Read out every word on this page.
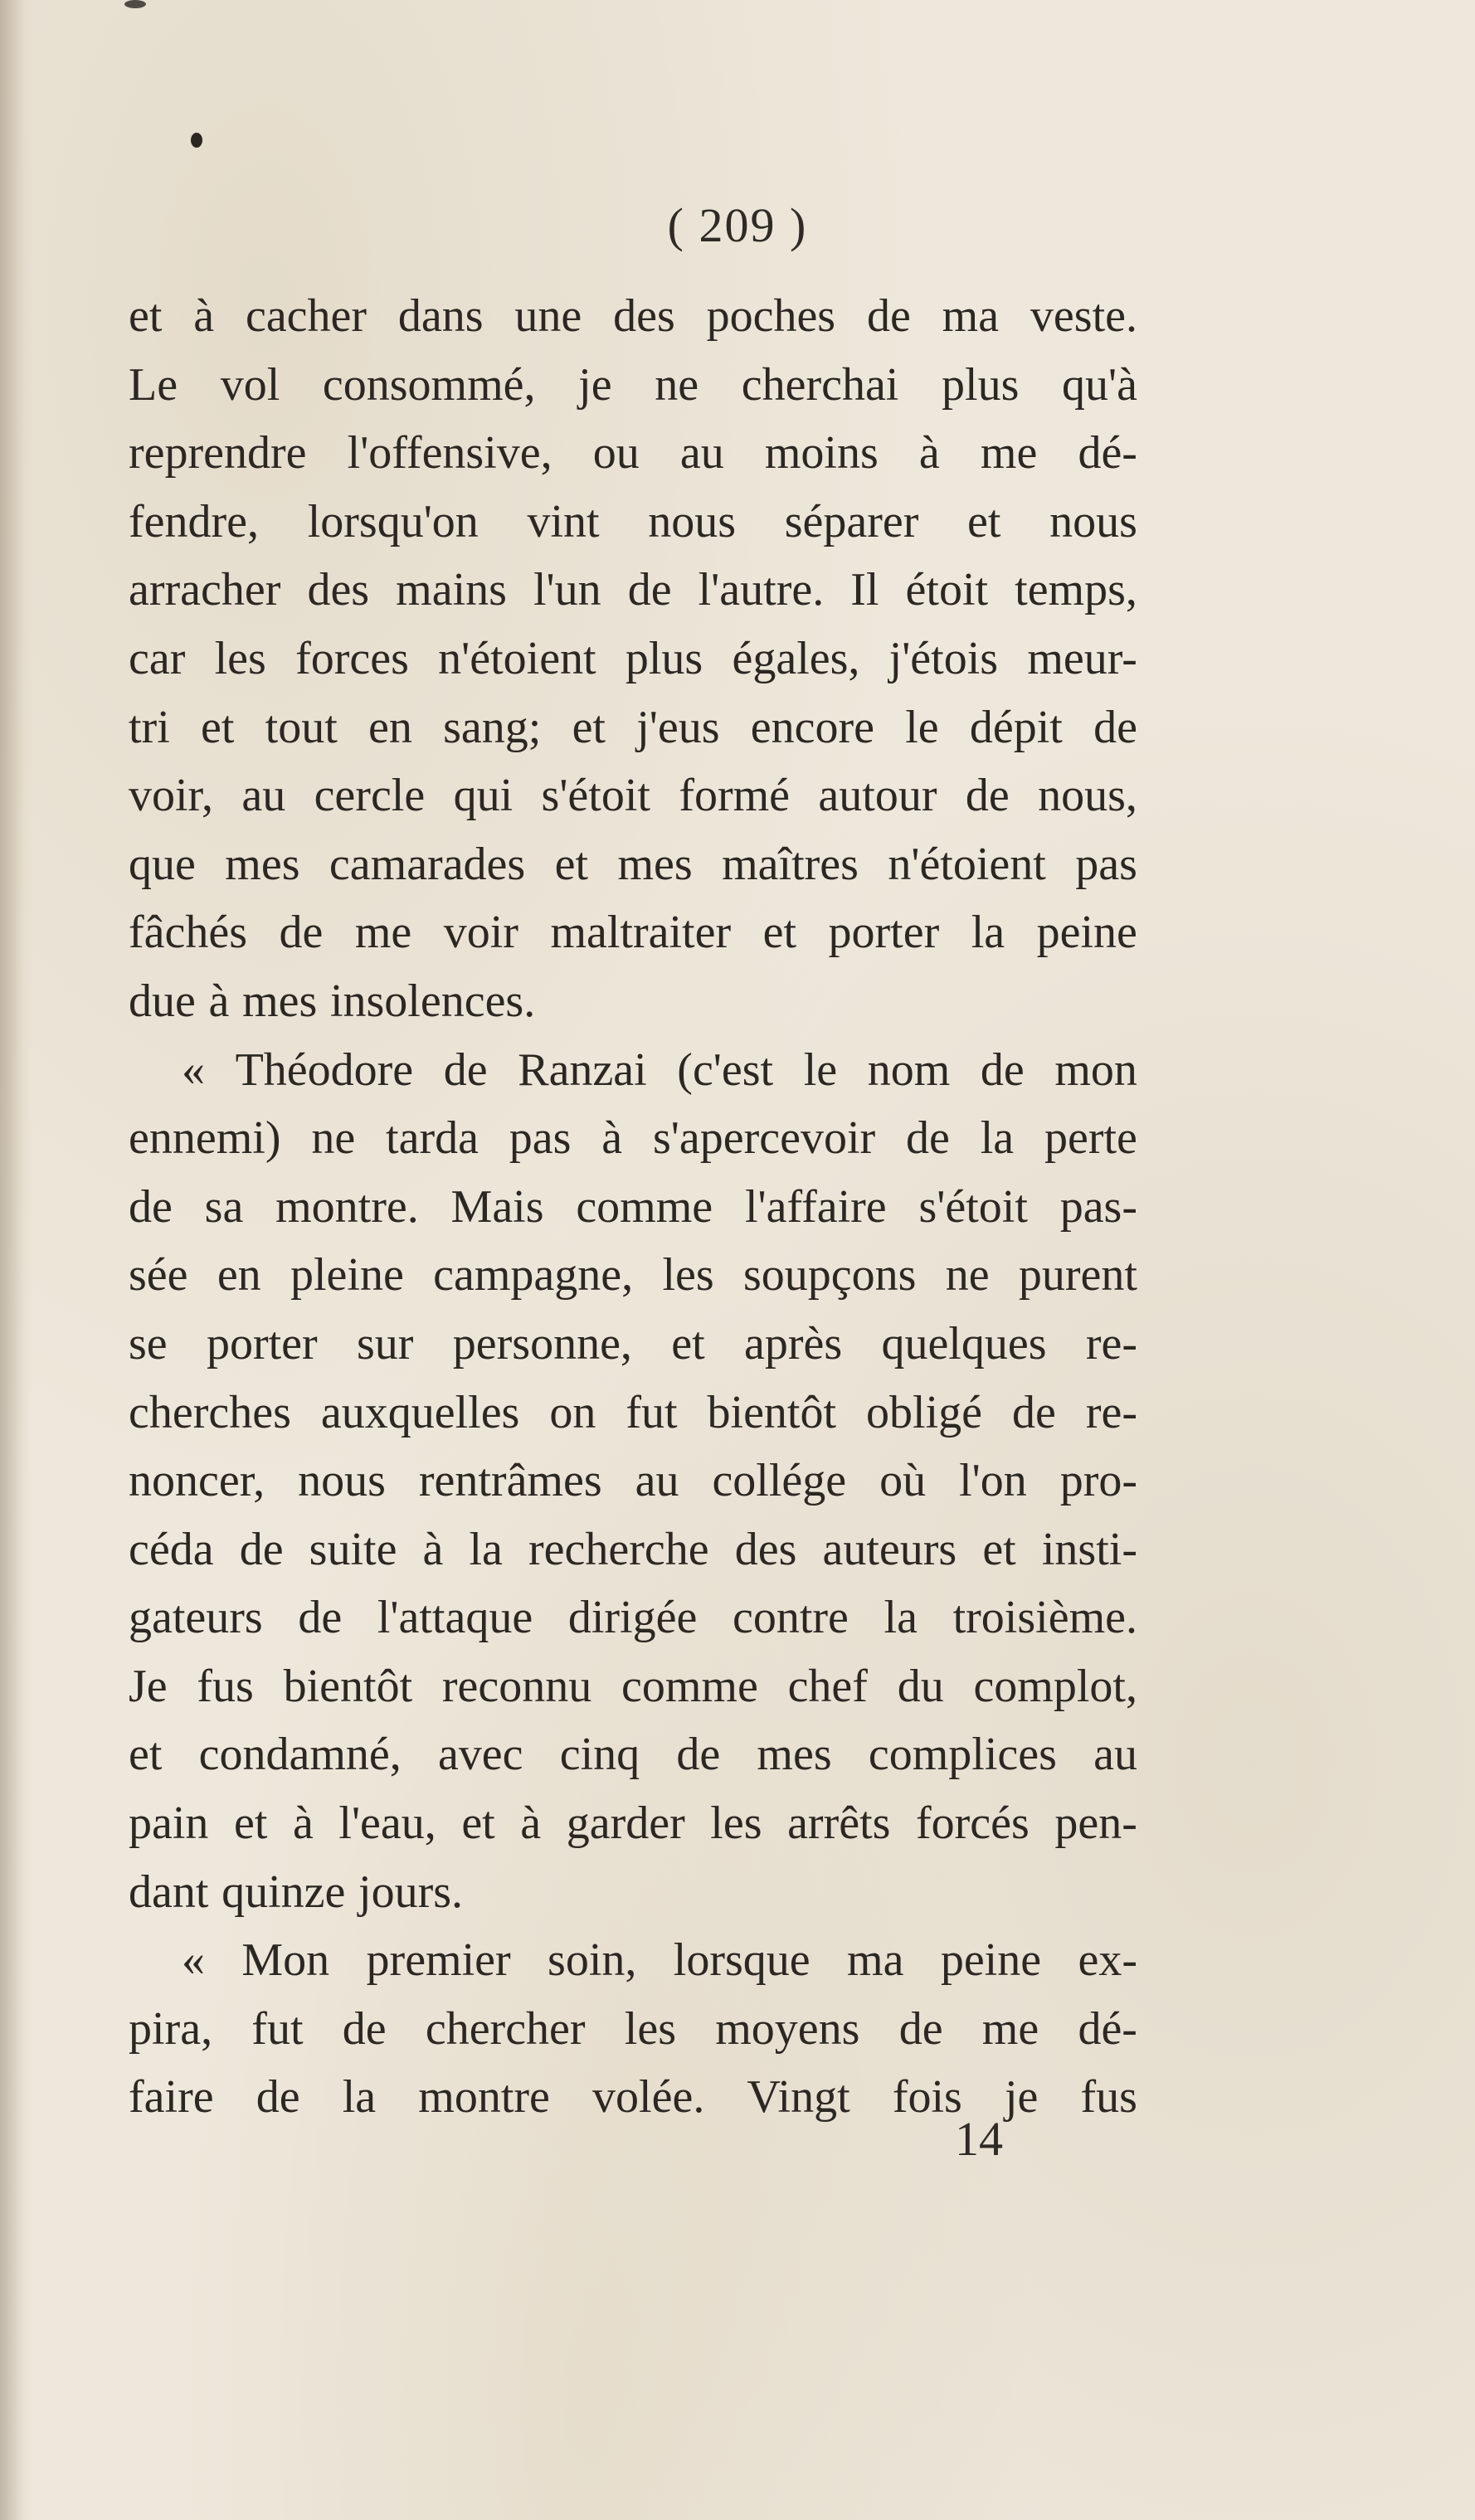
( 209 )
et à cacher dans une des poches de ma veste.
Le vol consommé, je ne cherchai plus qu'à
reprendre l'offensive, ou au moins à me dé-
fendre, lorsqu'on vint nous séparer et nous
arracher des mains l'un de l'autre. Il étoit temps,
car les forces n'étoient plus égales, j'étois meur-
tri et tout en sang; et j'eus encore le dépit de
voir, au cercle qui s'étoit formé autour de nous,
que mes camarades et mes maîtres n'étoient pas
fâchés de me voir maltraiter et porter la peine
due à mes insolences.
« Théodore de Ranzai (c'est le nom de mon
ennemi) ne tarda pas à s'apercevoir de la perte
de sa montre. Mais comme l'affaire s'étoit pas-
sée en pleine campagne, les soupçons ne purent
se porter sur personne, et après quelques re-
cherches auxquelles on fut bientôt obligé de re-
noncer, nous rentrâmes au collége où l'on pro-
céda de suite à la recherche des auteurs et insti-
gateurs de l'attaque dirigée contre la troisième.
Je fus bientôt reconnu comme chef du complot,
et condamné, avec cinq de mes complices au
pain et à l'eau, et à garder les arrêts forcés pen-
dant quinze jours.
« Mon premier soin, lorsque ma peine ex-
pira, fut de chercher les moyens de me dé-
faire de la montre volée. Vingt fois je fus
14
